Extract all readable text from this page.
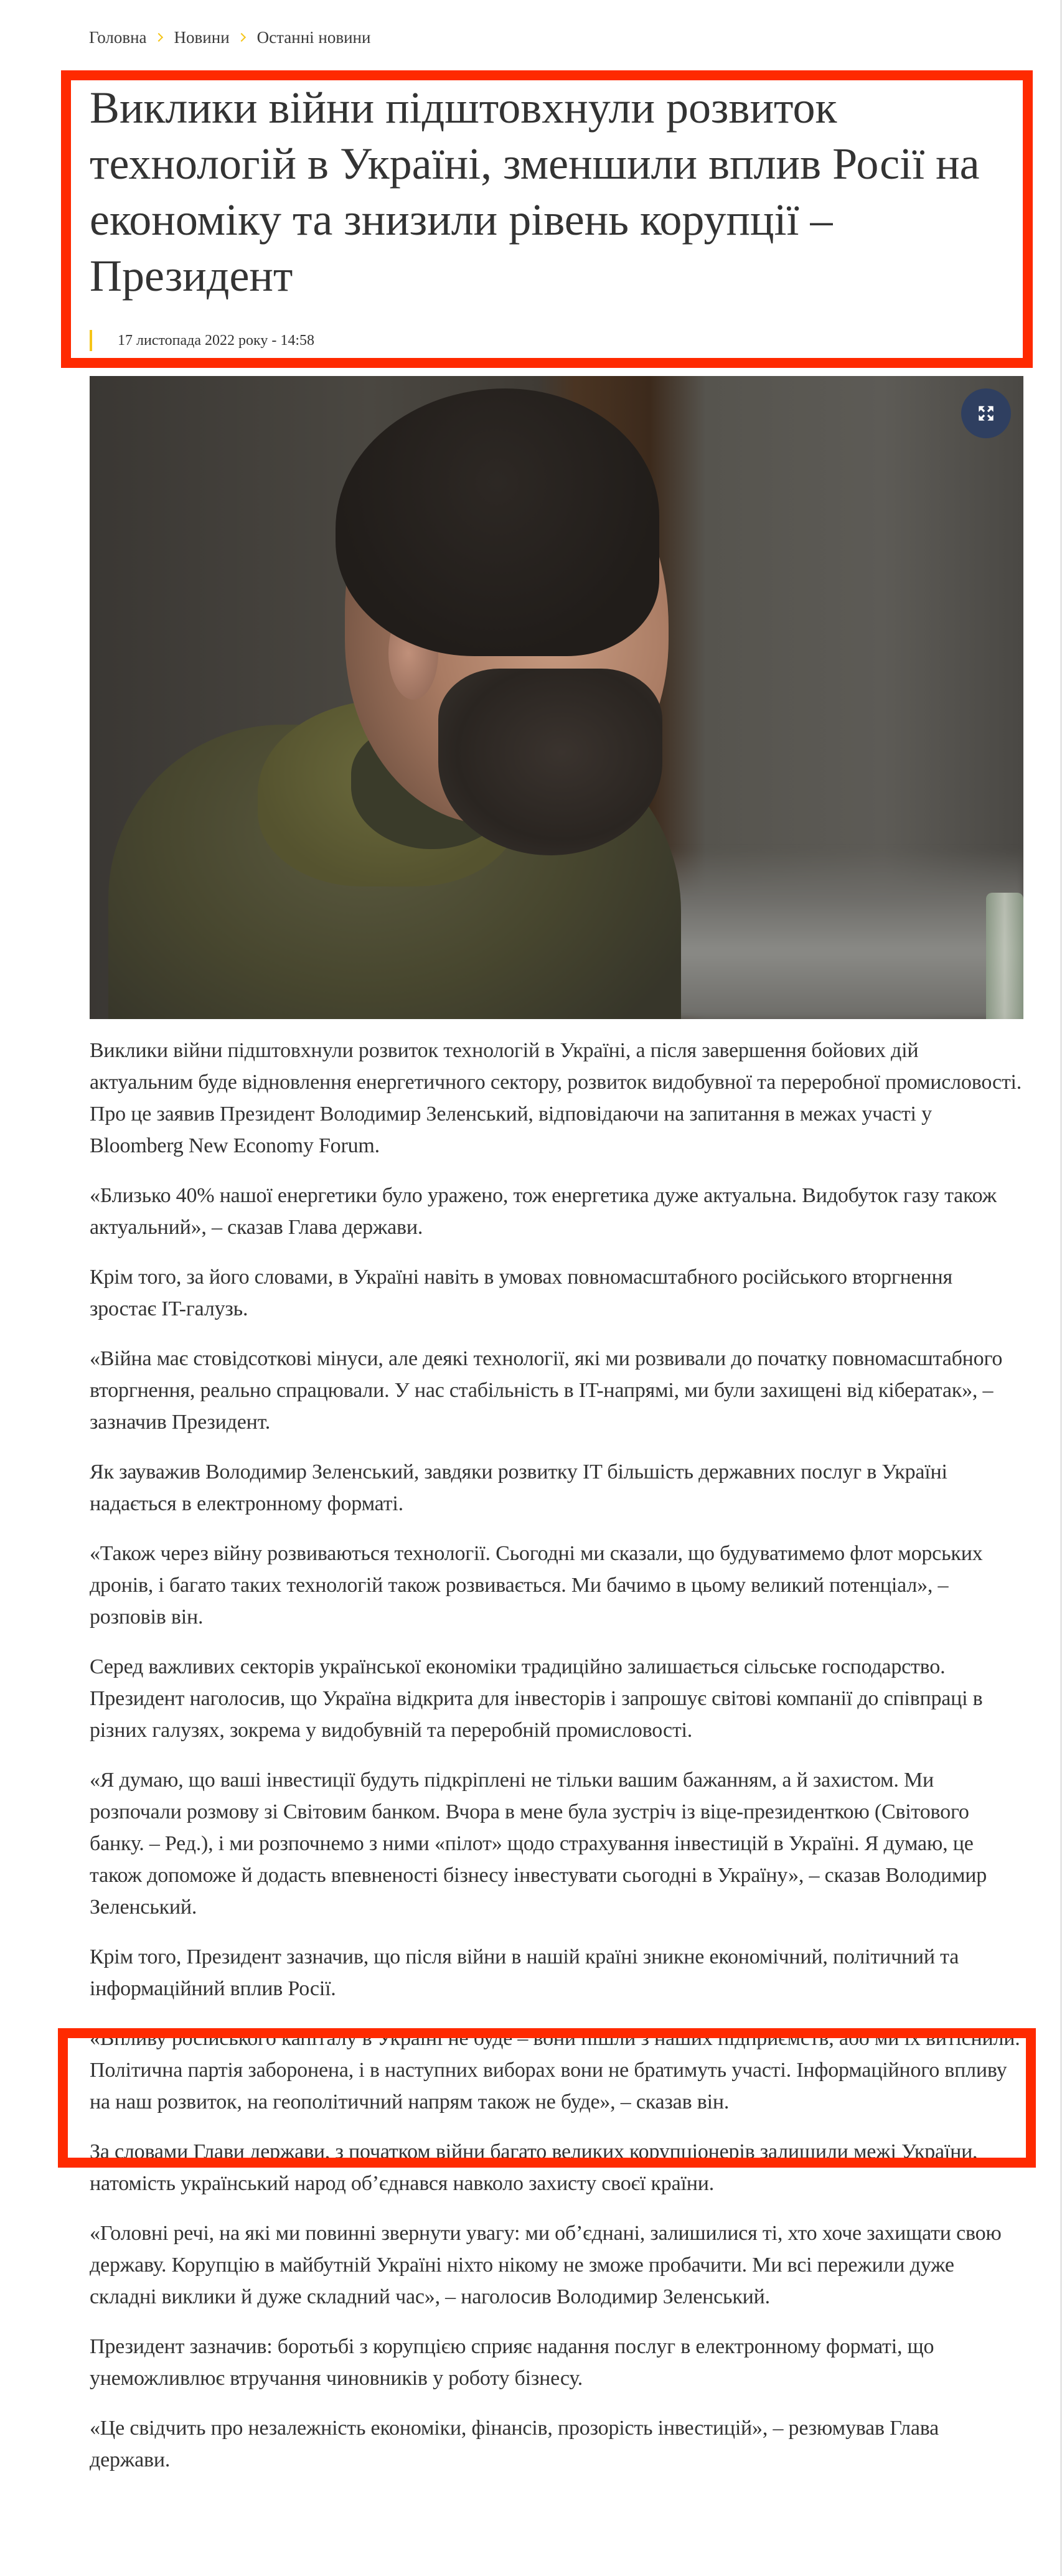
Головна Новини Останні новини
Виклики війни підштовхнули розвиток технологій в Україні, зменшили вплив Росії на економіку та знизили рівень корупції – Президент
17 листопада 2022 року - 14:58

Виклики війни підштовхнули розвиток технологій в Україні, а після завершення бойових дій актуальним буде відновлення енергетичного сектору, розвиток видобувної та переробної промисловості. Про це заявив Президент Володимир Зеленський, відповідаючи на запитання в межах участі у Bloomberg New Economy Forum.

«Близько 40% нашої енергетики було уражено, тож енергетика дуже актуальна. Видобуток газу також актуальний», – сказав Глава держави.

Крім того, за його словами, в Україні навіть в умовах повномасштабного російського вторгнення зростає IT-галузь.

«Війна має стовідсоткові мінуси, але деякі технології, які ми розвивали до початку повномасштабного вторгнення, реально спрацювали. У нас стабільність в IT-напрямі, ми були захищені від кібератак», – зазначив Президент.

Як зауважив Володимир Зеленський, завдяки розвитку IT більшість державних послуг в Україні надається в електронному форматі.

«Також через війну розвиваються технології. Сьогодні ми сказали, що будуватимемо флот морських дронів, і багато таких технологій також розвивається. Ми бачимо в цьому великий потенціал», – розповів він.

Серед важливих секторів української економіки традиційно залишається сільське господарство. Президент наголосив, що Україна відкрита для інвесторів і запрошує світові компанії до співпраці в різних галузях, зокрема у видобувній та переробній промисловості.

«Я думаю, що ваші інвестиції будуть підкріплені не тільки вашим бажанням, а й захистом. Ми розпочали розмову зі Світовим банком. Вчора в мене була зустріч із віце-президенткою (Світового банку. – Ред.), і ми розпочнемо з ними «пілот» щодо страхування інвестицій в Україні. Я думаю, це також допоможе й додасть впевненості бізнесу інвестувати сьогодні в Україну», – сказав Володимир Зеленський.

Крім того, Президент зазначив, що після війни в нашій країні зникне економічний, політичний та інформаційний вплив Росії.

«Впливу російського капіталу в Україні не буде – вони пішли з наших підприємств, або ми їх витіснили. Політична партія заборонена, і в наступних виборах вони не братимуть участі. Інформаційного впливу на наш розвиток, на геополітичний напрям також не буде», – сказав він.

За словами Глави держави, з початком війни багато великих корупціонерів залишили межі України, натомість український народ об’єднався навколо захисту своєї країни.

«Головні речі, на які ми повинні звернути увагу: ми об’єднані, залишилися ті, хто хоче захищати свою державу. Корупцію в майбутній Україні ніхто нікому не зможе пробачити. Ми всі пережили дуже складні виклики й дуже складний час», – наголосив Володимир Зеленський.

Президент зазначив: боротьбі з корупцією сприяє надання послуг в електронному форматі, що унеможливлює втручання чиновників у роботу бізнесу.

«Це свідчить про незалежність економіки, фінансів, прозорість інвестицій», – резюмував Глава держави.
